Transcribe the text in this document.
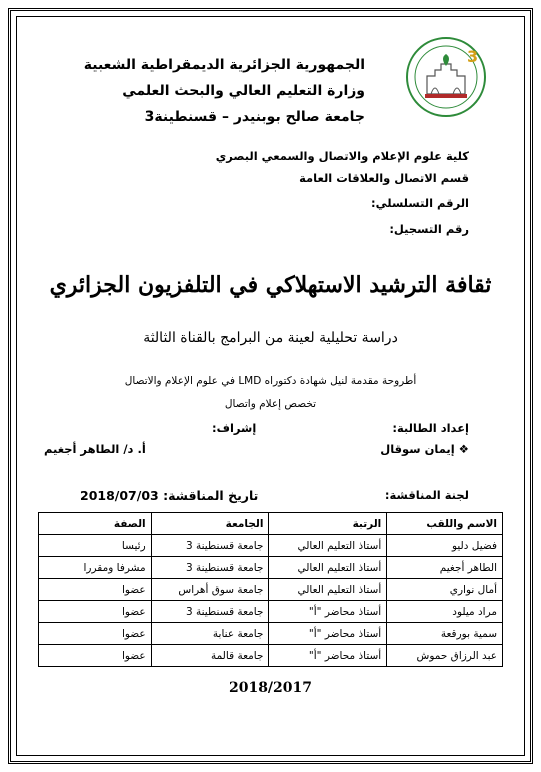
3
الجمهورية الجزائرية الديمقراطية الشعبية
وزارة التعليم العالي والبحث العلمي
جامعة صالح بوبنيدر – قسنطينة3
كلية علوم الإعلام والاتصال والسمعي البصري
قسم الاتصال والعلاقات العامة
الرقم التسلسلي:
رقم التسجيل:
ثقافة الترشيد الاستهلاكي في التلفزيون الجزائري
دراسة تحليلية لعينة من البرامج بالقناة الثالثة
أطروحة مقدمة لنيل شهادة دكتوراه LMD في علوم الإعلام والاتصال
تخصص إعلام واتصال
إعداد الطالبة:
❖ إيمان سوقال
إشراف:
أ. د/ الطاهر أجغيم
لجنة المناقشة:
تاريخ المناقشة: 2018/07/03
الاسم واللقب	الرتبة	الجامعة	الصفة
فضيل دليو	أستاذ التعليم العالي	جامعة قسنطينة 3	رئيسا
الطاهر أجغيم	أستاذ التعليم العالي	جامعة قسنطينة 3	مشرفا ومقررا
أمال نواري	أستاذ التعليم العالي	جامعة سوق أهراس	عضوا
مراد ميلود	أستاذ محاضر "أ"	جامعة قسنطينة 3	عضوا
سمية بورقعة	أستاذ محاضر "أ"	جامعة عنابة	عضوا
عبد الرزاق حموش	أستاذ محاضر "أ"	جامعة قالمة	عضوا
2018/2017
